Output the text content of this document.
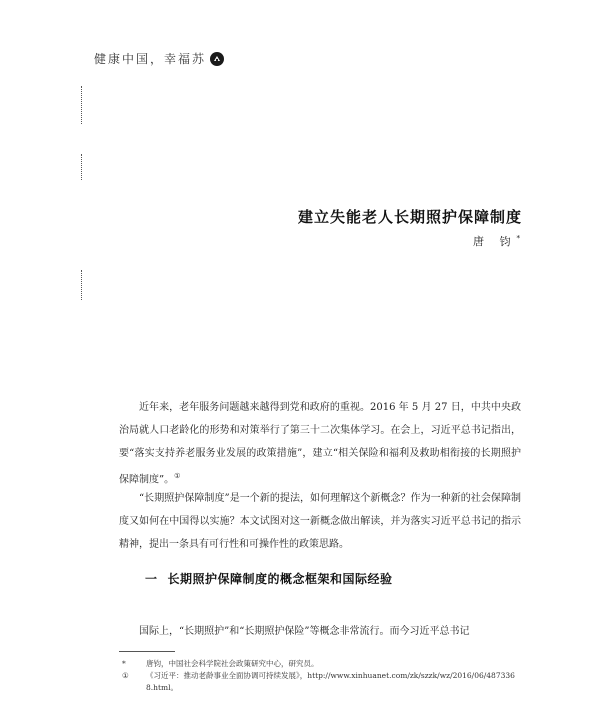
健康中国，幸福苏
建立失能老人长期照护保障制度
唐 钧*

近年来，老年服务问题越来越得到党和政府的重视。2016 年 5 月 27 日，中共中央政治局就人口老龄化的形势和对策举行了第三十二次集体学习。在会上，习近平总书记指出，要“落实支持养老服务业发展的政策措施”，建立“相关保险和福利及救助相衔接的长期照护保障制度”。①

“长期照护保障制度”是一个新的提法，如何理解这个新概念？作为一种新的社会保障制度又如何在中国得以实施？本文试图对这一新概念做出解读，并为落实习近平总书记的指示精神，提出一条具有可行性和可操作性的政策思路。

一 长期照护保障制度的概念框架和国际经验

国际上，“长期照护”和“长期照护保险”等概念非常流行。而今习近平总书记

*	唐钧，中国社会科学院社会政策研究中心，研究员。
① 《习近平：推动老龄事业全面协调可持续发展》，http://www.xinhuanet.com/zk/szzk/wz/2016/06/4873368.html。
